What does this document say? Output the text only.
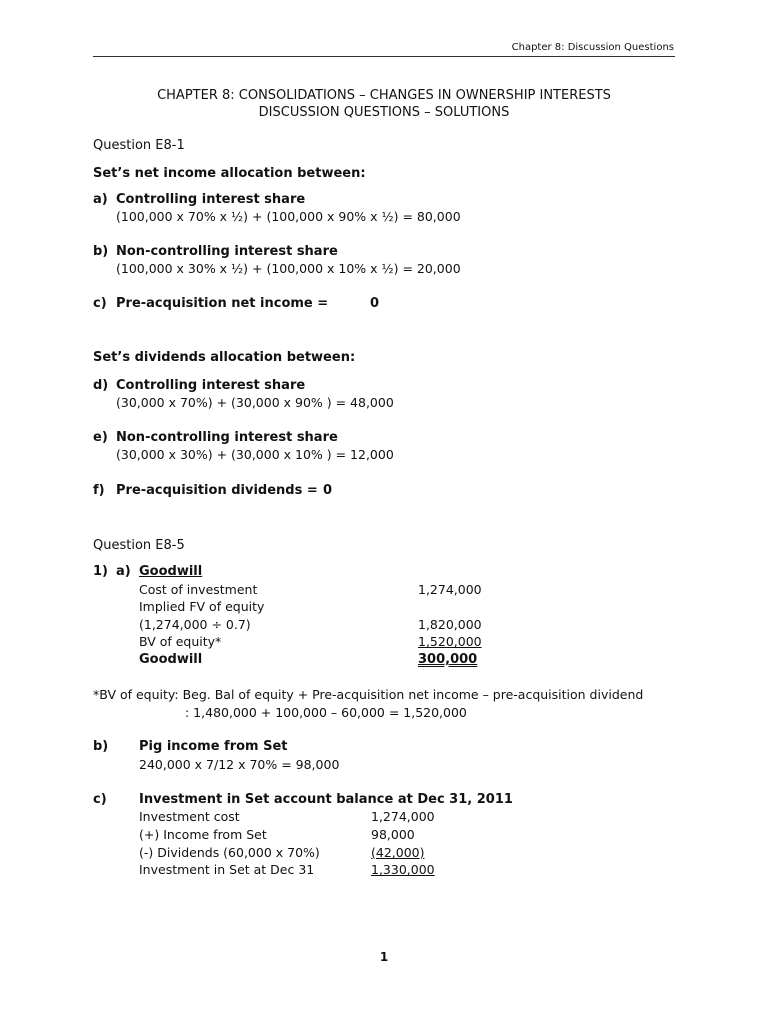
Chapter 8: Discussion Questions
CHAPTER 8: CONSOLIDATIONS – CHANGES IN OWNERSHIP INTERESTS
DISCUSSION QUESTIONS – SOLUTIONS
Question E8-1
Set’s net income allocation between:
a) Controlling interest share
(100,000 x 70% x ½) + (100,000 x 90% x ½) = 80,000
b) Non-controlling interest share
(100,000 x 30% x ½) + (100,000 x 10% x ½) = 20,000
c) Pre-acquisition net income =	0
Set’s dividends allocation between:
d) Controlling interest share
(30,000 x 70%) + (30,000 x 90% ) = 48,000
e) Non-controlling interest share
(30,000 x 30%) + (30,000 x 10% ) = 12,000
f) Pre-acquisition dividends = 0
Question E8-5
1) a) Goodwill
Cost of investment	1,274,000
Implied FV of equity
(1,274,000 ÷ 0.7)	1,820,000
BV of equity*	1,520,000
Goodwill	300,000
*BV of equity: Beg. Bal of equity + Pre-acquisition net income – pre-acquisition dividend
: 1,480,000 + 100,000 – 60,000 = 1,520,000
b) Pig income from Set
240,000 x 7/12 x 70% = 98,000
c) Investment in Set account balance at Dec 31, 2011
Investment cost	1,274,000
(+) Income from Set	98,000
(-) Dividends (60,000 x 70%)	(42,000)
Investment in Set at Dec 31	1,330,000
1
